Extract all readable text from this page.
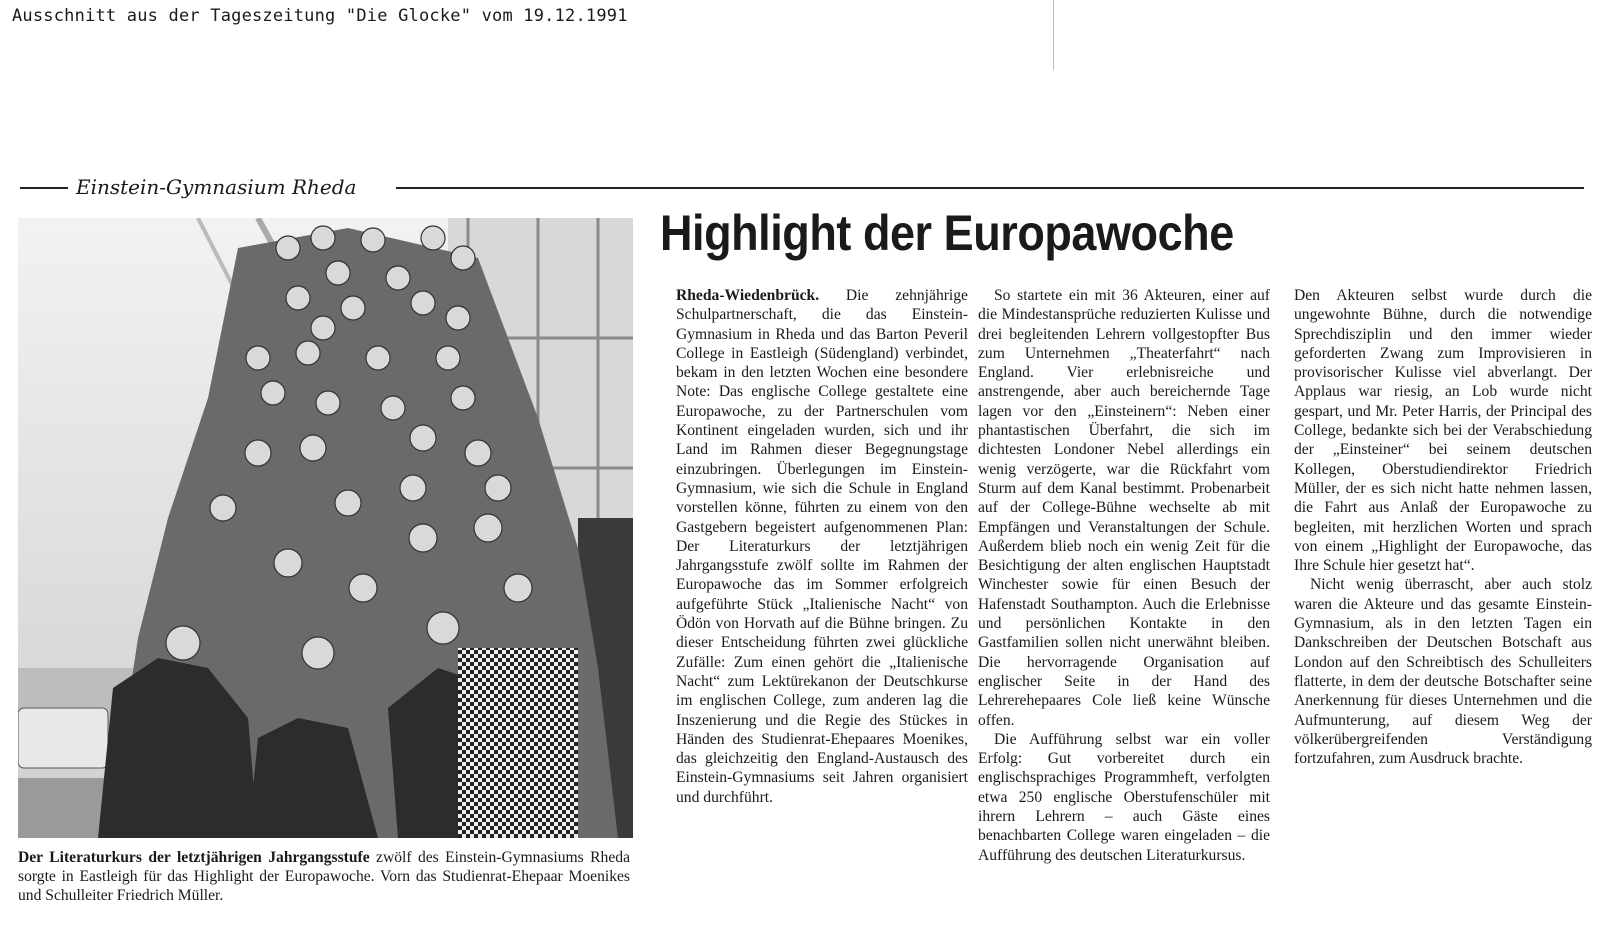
Ausschnitt aus der Tageszeitung "Die Glocke" vom 19.12.1991
Einstein-Gymnasium Rheda
Der Literaturkurs der letztjährigen Jahrgangsstufe zwölf des Einstein-Gymnasiums Rheda sorgte in Eastleigh für das Highlight der Europawoche. Vorn das Studienrat-Ehepaar Moenikes und Schulleiter Friedrich Müller.
Highlight der Europawoche

Rheda-Wiedenbrück. Die zehnjährige Schulpartnerschaft, die das Einstein-Gymnasium in Rheda und das Barton Peveril College in Eastleigh (Südengland) verbindet, bekam in den letzten Wochen eine besondere Note: Das englische College gestaltete eine Europawoche, zu der Partnerschulen vom Kontinent eingeladen wurden, sich und ihr Land im Rahmen dieser Begegnungstage einzubringen. Überlegungen im Einstein-Gymnasium, wie sich die Schule in England vorstellen könne, führten zu einem von den Gastgebern begeistert aufgenommenen Plan: Der Literaturkurs der letztjährigen Jahrgangsstufe zwölf sollte im Rahmen der Europawoche das im Sommer erfolgreich aufgeführte Stück „Italienische Nacht“ von Ödön von Horvath auf die Bühne bringen. Zu dieser Entscheidung führten zwei glückliche Zufälle: Zum einen gehört die „Italienische Nacht“ zum Lektürekanon der Deutschkurse im englischen College, zum anderen lag die Inszenierung und die Regie des Stückes in Händen des Studienrat-Ehepaares Moenikes, das gleichzeitig den England-Austausch des Einstein-Gymnasiums seit Jahren organisiert und durchführt.

So startete ein mit 36 Akteuren, einer auf die Mindestansprüche reduzierten Kulisse und drei begleitenden Lehrern vollgestopfter Bus zum Unternehmen „Theaterfahrt“ nach England. Vier erlebnisreiche und anstrengende, aber auch bereichernde Tage lagen vor den „Einsteinern“: Neben einer phantastischen Überfahrt, die sich im dichtesten Londoner Nebel allerdings ein wenig verzögerte, war die Rückfahrt vom Sturm auf dem Kanal bestimmt. Probenarbeit auf der College-Bühne wechselte ab mit Empfängen und Veranstaltungen der Schule. Außerdem blieb noch ein wenig Zeit für die Besichtigung der alten englischen Hauptstadt Winchester sowie für einen Besuch der Hafenstadt Southampton. Auch die Erlebnisse und persönlichen Kontakte in den Gastfamilien sollen nicht unerwähnt bleiben. Die hervorragende Organisation auf englischer Seite in der Hand des Lehrerehepaares Cole ließ keine Wünsche offen.

Die Aufführung selbst war ein voller Erfolg: Gut vorbereitet durch ein englischsprachiges Programmheft, verfolgten etwa 250 englische Oberstufenschüler mit ihrern Lehrern – auch Gäste eines benachbarten College waren eingeladen – die Aufführung des deutschen Literaturkursus.

Den Akteuren selbst wurde durch die ungewohnte Bühne, durch die notwendige Sprechdisziplin und den immer wieder geforderten Zwang zum Improvisieren in provisorischer Kulisse viel abverlangt. Der Applaus war riesig, an Lob wurde nicht gespart, und Mr. Peter Harris, der Principal des College, bedankte sich bei der Verabschiedung der „Einsteiner“ bei seinem deutschen Kollegen, Oberstudiendirektor Friedrich Müller, der es sich nicht hatte nehmen lassen, die Fahrt aus Anlaß der Europawoche zu begleiten, mit herzlichen Worten und sprach von einem „Highlight der Europawoche, das Ihre Schule hier gesetzt hat“.

Nicht wenig überrascht, aber auch stolz waren die Akteure und das gesamte Einstein-Gymnasium, als in den letzten Tagen ein Dankschreiben der Deutschen Botschaft aus London auf den Schreibtisch des Schulleiters flatterte, in dem der deutsche Botschafter seine Anerkennung für dieses Unternehmen und die Aufmunterung, auf diesem Weg der völkerübergreifenden Verständigung fortzufahren, zum Ausdruck brachte.
